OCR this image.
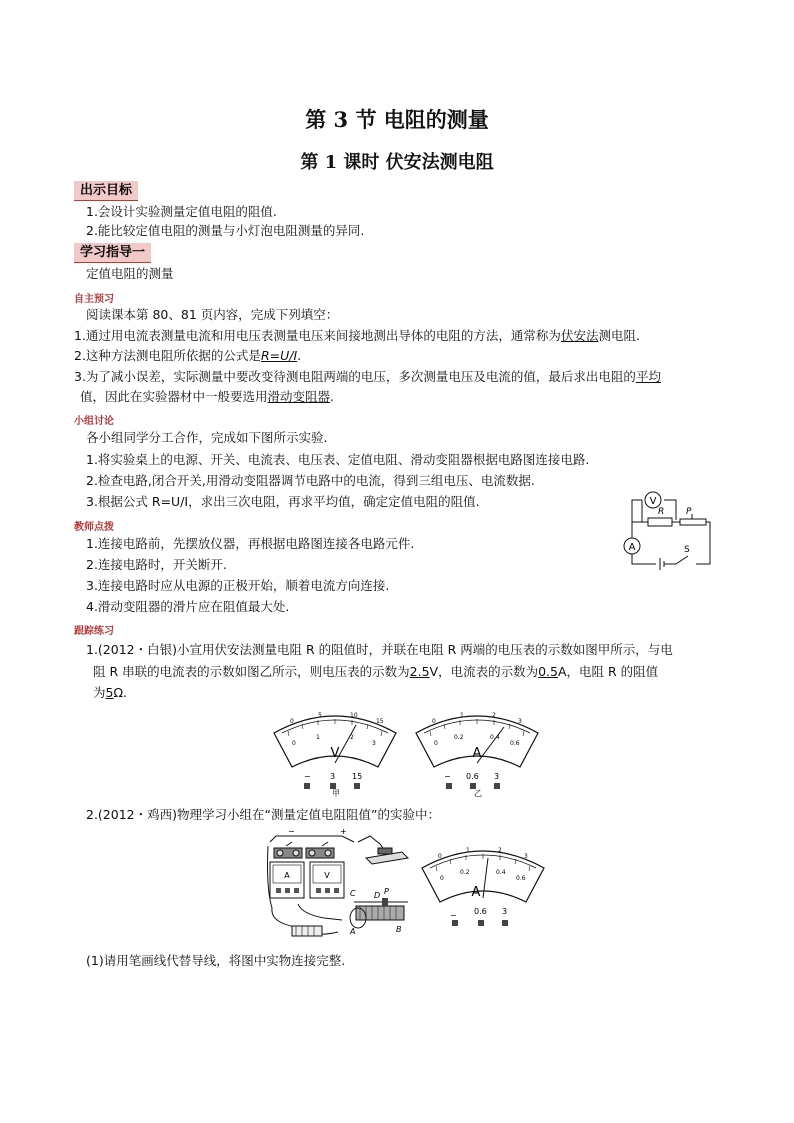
第 3 节 电阻的测量
第 1 课时 伏安法测电阻
出示目标
1.会设计实验测量定值电阻的阻值.
2.能比较定值电阻的测量与小灯泡电阻测量的异同.
学习指导一
定值电阻的测量
自主预习
阅读课本第 80、81 页内容，完成下列填空：
1.通过用电流表测量电流和用电压表测量电压来间接地测出导体的电阻的方法，通常称为伏安法测电阻.
2.这种方法测电阻所依据的公式是R=U/I.
3.为了减小误差，实际测量中要改变待测电阻两端的电压，多次测量电压及电流的值，最后求出电阻的平均
值，因此在实验器材中一般要选用滑动变阻器.
小组讨论
各小组同学分工合作，完成如下图所示实验.
1.将实验桌上的电源、开关、电流表、电压表、定值电阻、滑动变阻器根据电路图连接电路.
2.检查电路,闭合开关,用滑动变阻器调节电路中的电流，得到三组电压、电流数据.
3.根据公式 R=U/I，求出三次电阻，再求平均值，确定定值电阻的阻值.
教师点拨
1.连接电路前，先摆放仪器，再根据电路图连接各电路元件.
2.连接电路时，开关断开.
3.连接电路时应从电源的正极开始，顺着电流方向连接.
4.滑动变阻器的滑片应在阻值最大处.
V
A
R P
S
跟踪练习
1.(2012・白银)小宣用伏安法测量电阻 R 的阻值时，并联在电阻 R 两端的电压表的示数如图甲所示，与电
阻 R 串联的电流表的示数如图乙所示，则电压表的示数为2.5V，电流表的示数为0.5A，电阻 R 的阻值
为5Ω.
0
5	10
15
0
1	2
3
V
− 3 15
甲
0
1	2
3
0
0.2	0.4
0.6
A
− 0.6 3
乙
2.(2012・鸡西)物理学习小组在“测量定值电阻阻值”的实验中：
−	+
A	V
C D P
B
A
0
1	2
3
0
0.2	0.4
0.6
A
− 0.6 3
(1)请用笔画线代替导线，将图中实物连接完整.
